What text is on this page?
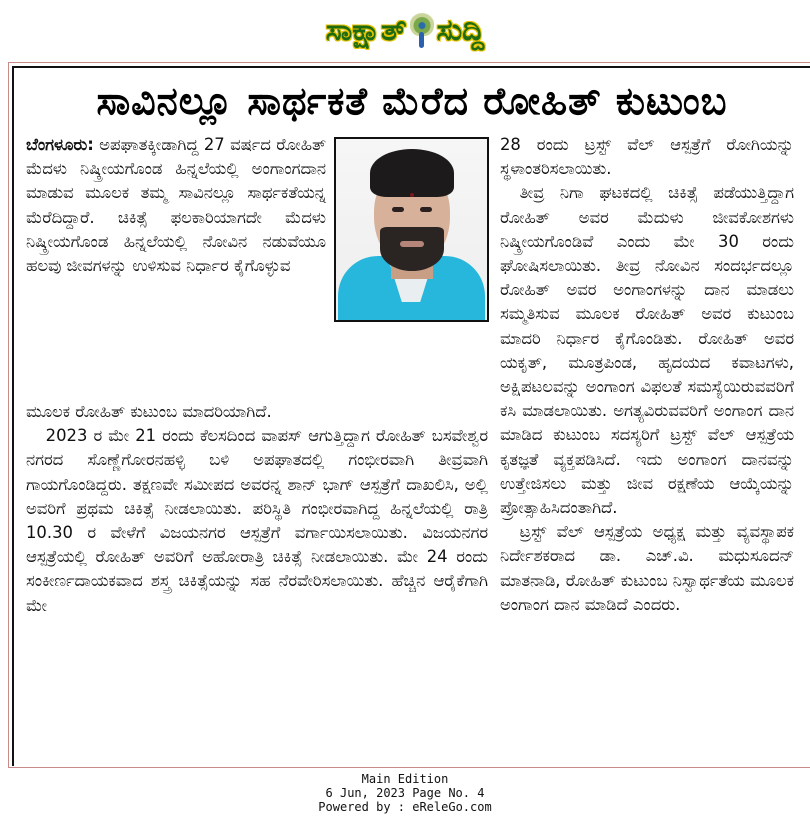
ಸಾಕ್ಷಾತ್ ಸುದ್ದಿ
ಸಾವಿನಲ್ಲೂ ಸಾರ್ಥಕತೆ ಮೆರೆದ ರೋಹಿತ್ ಕುಟುಂಬ

ಬೆಂಗಳೂರು: ಅಪಘಾತಕ್ಕೀಡಾಗಿದ್ದ 27 ವರ್ಷದ ರೋಹಿತ್ ಮೆದಳು ನಿಷ್ಕ್ರೀಯಗೊಂಡ ಹಿನ್ನಲೆಯಲ್ಲಿ ಅಂಗಾಂಗದಾನ ಮಾಡುವ ಮೂಲಕ ತಮ್ಮ ಸಾವಿನಲ್ಲೂ ಸಾರ್ಥಕತೆಯನ್ನ ಮೆರೆದಿದ್ದಾರೆ. ಚಿಕಿತ್ಸೆ ಫಲಕಾರಿಯಾಗದೇ ಮೆದಳು ನಿಷ್ಕ್ರೀಯಗೊಂಡ ಹಿನ್ನಲೆಯಲ್ಲಿ ನೋವಿನ ನಡುವೆಯೂ ಹಲವು ಜೀವಗಳನ್ನು ಉಳಿಸುವ ನಿರ್ಧಾರ ಕೈಗೊಳ್ಳುವ

ಮೂಲಕ ರೋಹಿತ್ ಕುಟುಂಬ ಮಾದರಿಯಾಗಿದೆ.

2023 ರ ಮೇ 21 ರಂದು ಕೆಲಸದಿಂದ ವಾಪಸ್ ಆಗುತ್ತಿದ್ದಾಗ ರೋಹಿತ್ ಬಸವೇಶ್ವರ ನಗರದ ಸೊಣ್ಣೆಗೋರನಹಳ್ಳಿ ಬಳಿ ಅಪಘಾತದಲ್ಲಿ ಗಂಭೀರವಾಗಿ ತೀವ್ರವಾಗಿ ಗಾಯಗೊಂಡಿದ್ದರು. ತಕ್ಷಣವೇ ಸಮೀಪದ ಅವರನ್ನ ಶಾನ್ ಭಾಗ್ ಆಸ್ಪತ್ರೆಗೆ ದಾಖಲಿಸಿ, ಅಲ್ಲಿ ಅವರಿಗೆ ಪ್ರಥಮ ಚಿಕಿತ್ಸೆ ನೀಡಲಾಯಿತು. ಪರಿಸ್ಥಿತಿ ಗಂಭೀರವಾಗಿದ್ದ ಹಿನ್ನಲೆಯಲ್ಲಿ ರಾತ್ರಿ 10.30 ರ ವೇಳೆಗೆ ವಿಜಯನಗರ ಆಸ್ಪತ್ರೆಗೆ ವರ್ಗಾಯಿಸಲಾಯಿತು. ವಿಜಯನಗರ ಆಸ್ಪತ್ರೆಯಲ್ಲಿ ರೋಹಿತ್ ಅವರಿಗೆ ಅಹೋರಾತ್ರಿ ಚಿಕಿತ್ಸೆ ನೀಡಲಾಯಿತು. ಮೇ 24 ರಂದು ಸಂಕೀರ್ಣದಾಯಕವಾದ ಶಸ್ತ್ರ ಚಿಕಿತ್ಸೆಯನ್ನು ಸಹ ನೆರವೇರಿಸಲಾಯಿತು. ಹೆಚ್ಚಿನ ಆರೈಕೆಗಾಗಿ ಮೇ

28 ರಂದು ಟ್ರಸ್ಟ್ ವೆಲ್ ಆಸ್ಪತ್ರೆಗೆ ರೋಗಿಯನ್ನು ಸ್ಥಳಾಂತರಿಸಲಾಯಿತು.

ತೀವ್ರ ನಿಗಾ ಘಟಕದಲ್ಲಿ ಚಿಕಿತ್ಸೆ ಪಡೆಯುತ್ತಿದ್ದಾಗ ರೋಹಿತ್ ಅವರ ಮೆದುಳು ಜೀವಕೋಶಗಳು ನಿಷ್ಕ್ರೀಯಗೊಂಡಿವೆ ಎಂದು ಮೇ 30 ರಂದು ಘೋಷಿಸಲಾಯಿತು. ತೀವ್ರ ನೋವಿನ ಸಂದರ್ಭದಲ್ಲೂ ರೋಹಿತ್ ಅವರ ಅಂಗಾಂಗಳನ್ನು ದಾನ ಮಾಡಲು ಸಮ್ಮತಿಸುವ ಮೂಲಕ ರೋಹಿತ್ ಅವರ ಕುಟುಂಬ ಮಾದರಿ ನಿರ್ಧಾರ ಕೈಗೊಂಡಿತು. ರೋಹಿತ್ ಅವರ ಯಕೃತ್, ಮೂತ್ರಪಿಂಡ, ಹೃದಯದ ಕವಾಟಗಳು, ಅಕ್ಷಿಪಟಲವನ್ನು ಅಂಗಾಂಗ ವಿಫಲತೆ ಸಮಸ್ಯೆಯಿರುವವರಿಗೆ ಕಸಿ ಮಾಡಲಾಯಿತು. ಅಗತ್ಯವಿರುವವರಿಗೆ ಅಂಗಾಂಗ ದಾನ ಮಾಡಿದ ಕುಟುಂಬ ಸದಸ್ಯರಿಗೆ ಟ್ರಸ್ಟ್ ವೆಲ್ ಆಸ್ಪತ್ರೆಯ ಕೃತಜ್ಞತೆ ವ್ಯಕ್ತಪಡಿಸಿದೆ. ಇದು ಅಂಗಾಂಗ ದಾನವನ್ನು ಉತ್ತೇಜಿಸಲು ಮತ್ತು ಜೀವ ರಕ್ಷಣೆಯ ಆಯ್ಕೆಯನ್ನು ಪ್ರೋತ್ಸಾಹಿಸಿದಂತಾಗಿದೆ.

ಟ್ರಸ್ಟ್ ವೆಲ್ ಆಸ್ಪತ್ರೆಯ ಅಧ್ಯಕ್ಷ ಮತ್ತು ವ್ಯವಸ್ಥಾಪಕ ನಿರ್ದೇಶಕರಾದ ಡಾ. ಎಚ್.ವಿ. ಮಧುಸೂದನ್ ಮಾತನಾಡಿ, ರೋಹಿತ್ ಕುಟುಂಬ ನಿಸ್ವಾರ್ಥತೆಯ ಮೂಲಕ ಅಂಗಾಂಗ ದಾನ ಮಾಡಿದೆ ಎಂದರು.

Main Edition
6 Jun, 2023 Page No. 4
Powered by : eReleGo.com
